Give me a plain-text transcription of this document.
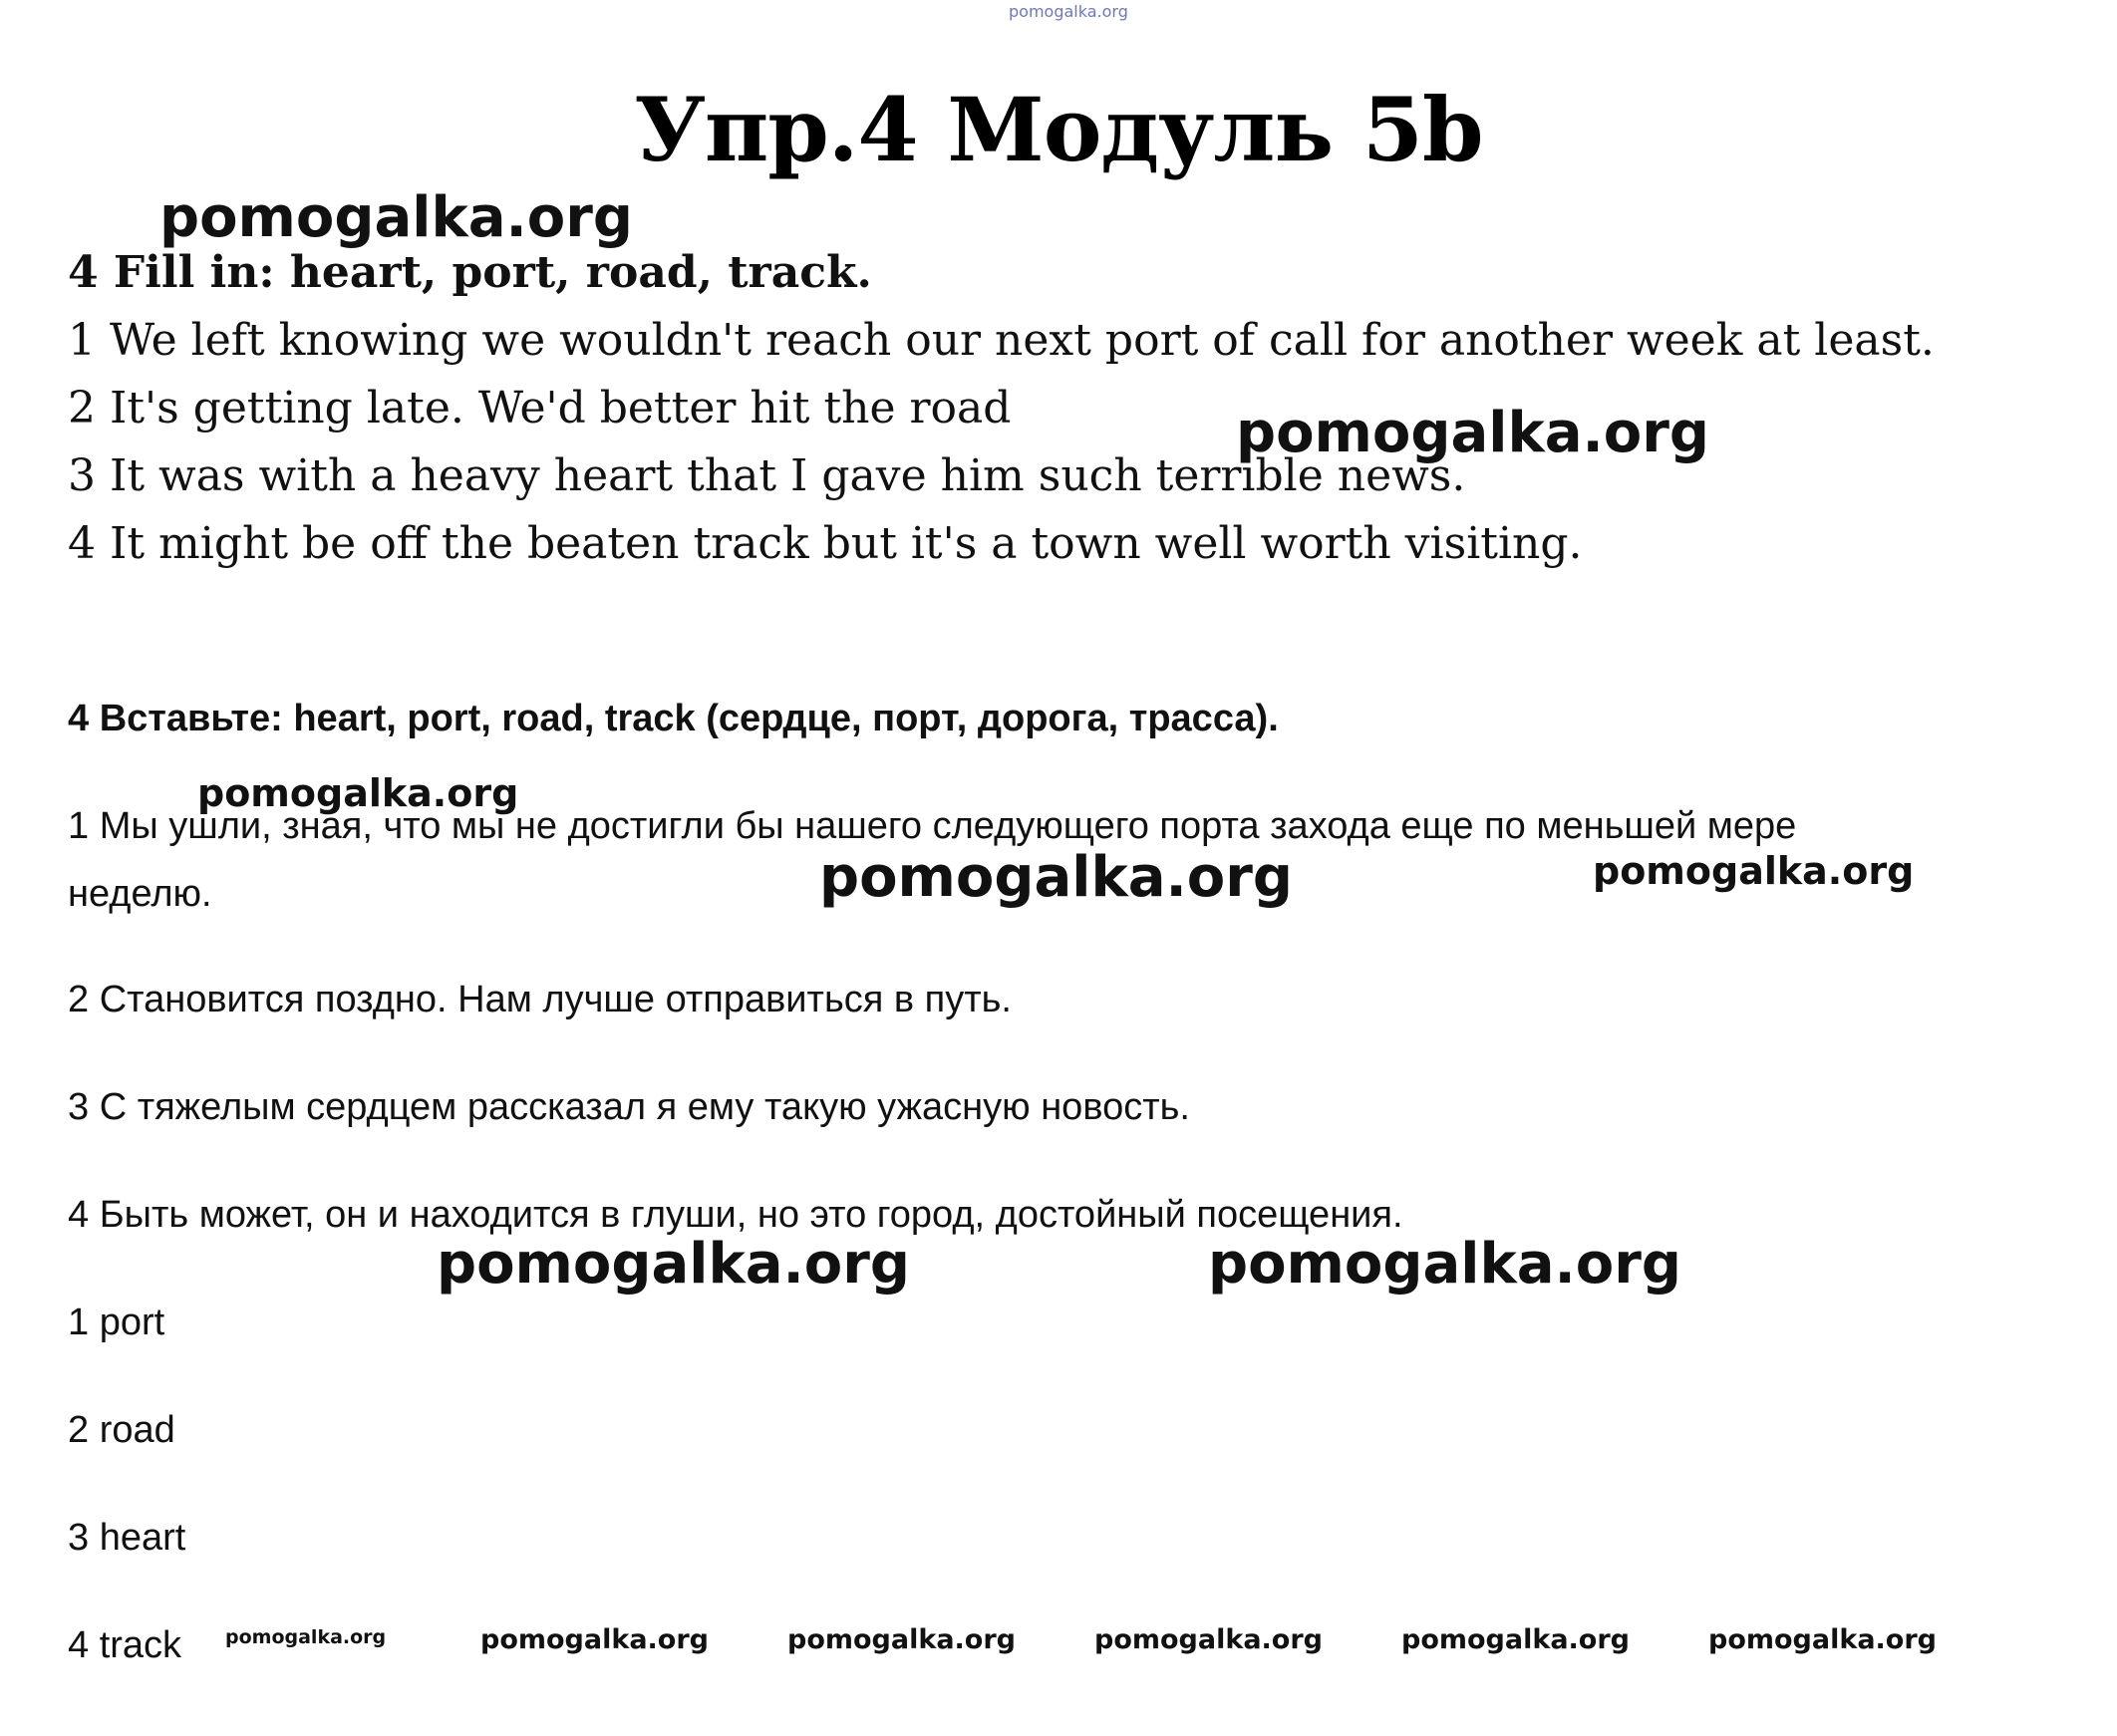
pomogalka.org
Упр.4 Модуль 5b
pomogalka.org
4 Fill in: heart, port, road, track.
1 We left knowing we wouldn't reach our next port of call for another week at least.
2 It's getting late. We'd better hit the road
3 It was with a heavy heart that I gave him such terrible news.
pomogalka.org
4 It might be off the beaten track but it's a town well worth visiting.
4 Вставьте: heart, port, road, track (сердце, порт, дорога, трасса).
pomogalka.org
1 Мы ушли, зная, что мы не достигли бы нашего следующего порта захода еще по меньшей мере
неделю.	pomogalka.org	pomogalka.org
2 Становится поздно. Нам лучше отправиться в путь.
3 С тяжелым сердцем рассказал я ему такую ужасную новость.
4 Быть может, он и находится в глуши, но это город, достойный посещения.
pomogalka.org	pomogalka.org
1 port
2 road
3 heart
4 track pomogalka.org	pomogalka.org	pomogalka.org	pomogalka.org	pomogalka.org	pomogalka.org
